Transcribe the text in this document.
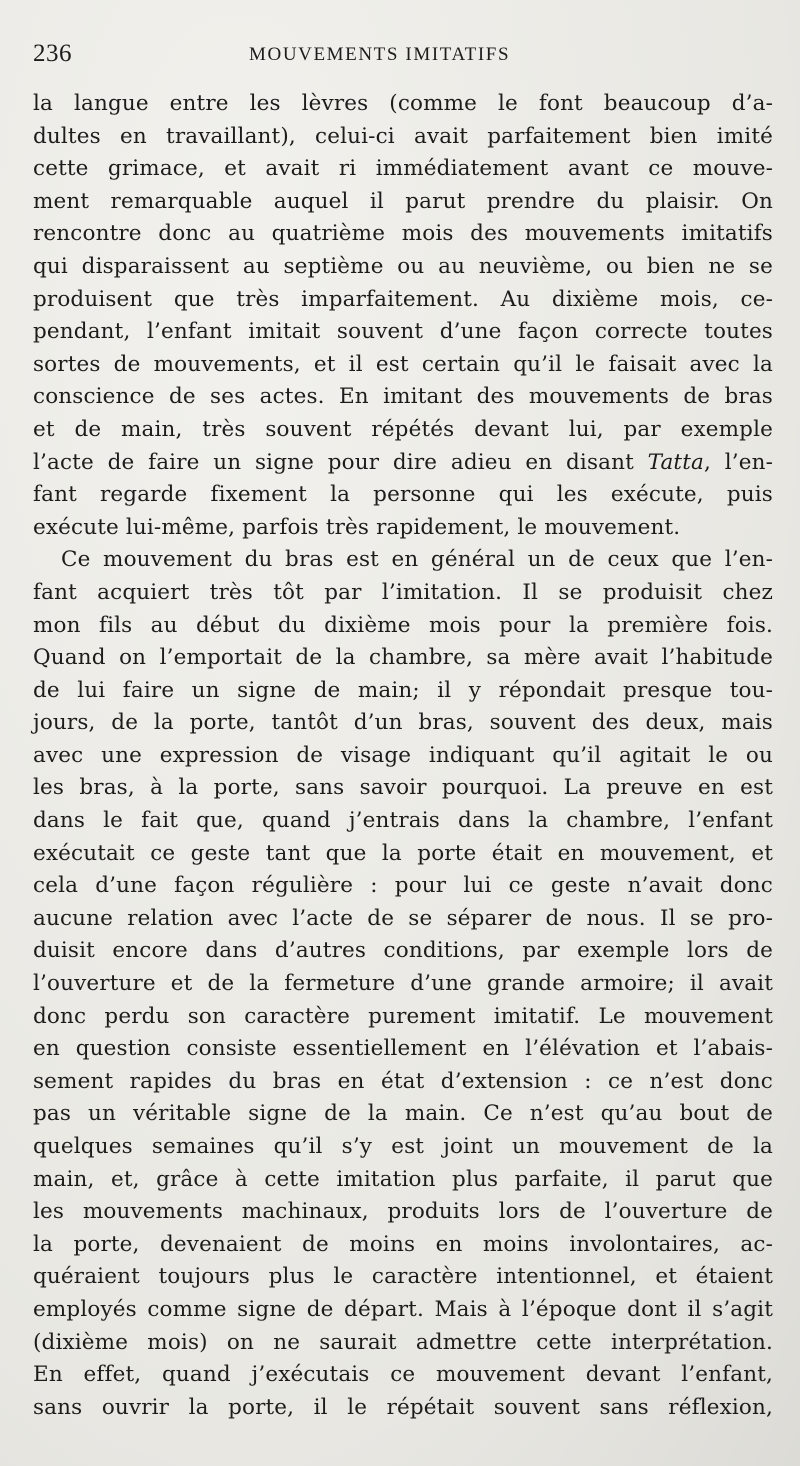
236	MOUVEMENTS IMITATIFS
la langue entre les lèvres (comme le font beaucoup d’a-
dultes en travaillant), celui-ci avait parfaitement bien imité
cette grimace, et avait ri immédiatement avant ce mouve-
ment remarquable auquel il parut prendre du plaisir. On
rencontre donc au quatrième mois des mouvements imitatifs
qui disparaissent au septième ou au neuvième, ou bien ne se
produisent que très imparfaitement. Au dixième mois, ce-
pendant, l’enfant imitait souvent d’une façon correcte toutes
sortes de mouvements, et il est certain qu’il le faisait avec la
conscience de ses actes. En imitant des mouvements de bras
et de main, très souvent répétés devant lui, par exemple
l’acte de faire un signe pour dire adieu en disant Tatta, l’en-
fant regarde fixement la personne qui les exécute, puis
exécute lui-même, parfois très rapidement, le mouvement.
Ce mouvement du bras est en général un de ceux que l’en-
fant acquiert très tôt par l’imitation. Il se produisit chez
mon fils au début du dixième mois pour la première fois.
Quand on l’emportait de la chambre, sa mère avait l’habitude
de lui faire un signe de main; il y répondait presque tou-
jours, de la porte, tantôt d’un bras, souvent des deux, mais
avec une expression de visage indiquant qu’il agitait le ou
les bras, à la porte, sans savoir pourquoi. La preuve en est
dans le fait que, quand j’entrais dans la chambre, l’enfant
exécutait ce geste tant que la porte était en mouvement, et
cela d’une façon régulière : pour lui ce geste n’avait donc
aucune relation avec l’acte de se séparer de nous. Il se pro-
duisit encore dans d’autres conditions, par exemple lors de
l’ouverture et de la fermeture d’une grande armoire; il avait
donc perdu son caractère purement imitatif. Le mouvement
en question consiste essentiellement en l’élévation et l’abais-
sement rapides du bras en état d’extension : ce n’est donc
pas un véritable signe de la main. Ce n’est qu’au bout de
quelques semaines qu’il s’y est joint un mouvement de la
main, et, grâce à cette imitation plus parfaite, il parut que
les mouvements machinaux, produits lors de l’ouverture de
la porte, devenaient de moins en moins involontaires, ac-
quéraient toujours plus le caractère intentionnel, et étaient
employés comme signe de départ. Mais à l’époque dont il s’agit
(dixième mois) on ne saurait admettre cette interprétation.
En effet, quand j’exécutais ce mouvement devant l’enfant,
sans ouvrir la porte, il le répétait souvent sans réflexion,
